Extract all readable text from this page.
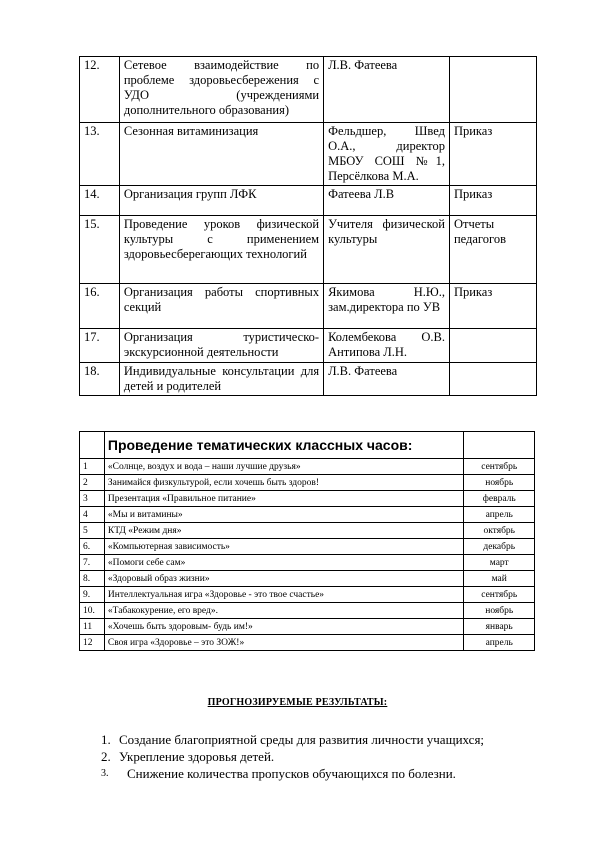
12.	Сетевое взаимодействие по проблеме здоровьесбережения с УДО (учреждениями дополнительного образования)	Л.В. Фатеева	
13.	Сезонная витаминизация	Фельдшер, Швед О.А., директор МБОУ СОШ №1, Персёлкова М.А.	Приказ
14.	Организация групп ЛФК	Фатеева Л.В	Приказ
15.	Проведение уроков физической культуры с применением здоровьесберегающих технологий	Учителя физической культуры	Отчеты педагогов
16.	Организация работы спортивных секций	Якимова Н.Ю., зам.директора по УВ	Приказ
17.	Организация туристическо-экскурсионной деятельности	Колембекова О.В. Антипова Л.Н.	
18.	Индивидуальные консультации для детей и родителей	Л.В. Фатеева	
	Проведение тематических классных часов:	
1	«Солнце, воздух и вода – наши лучшие друзья»	сентябрь
2	Занимайся физкультурой, если хочешь быть здоров!	ноябрь
3	Презентация «Правильное питание»	февраль
4	«Мы и витамины»	апрель
5	КТД «Режим дня»	октябрь
6.	«Компьютерная зависимость»	декабрь
7.	«Помоги себе сам»	март
8.	«Здоровый образ жизни»	май
9.	Интеллектуальная игра «Здоровье - это твое счастье»	сентябрь
10.	«Табакокурение, его вред».	ноябрь
11	«Хочешь быть здоровым- будь им!»	январь
12	Своя игра «Здоровье – это ЗОЖ!»	апрель
ПРОГНОЗИРУЕМЫЕ РЕЗУЛЬТАТЫ:
1. Создание благоприятной среды для развития личности учащихся;
2. Укрепление здоровья детей.
3.	Снижение количества пропусков обучающихся по болезни.
